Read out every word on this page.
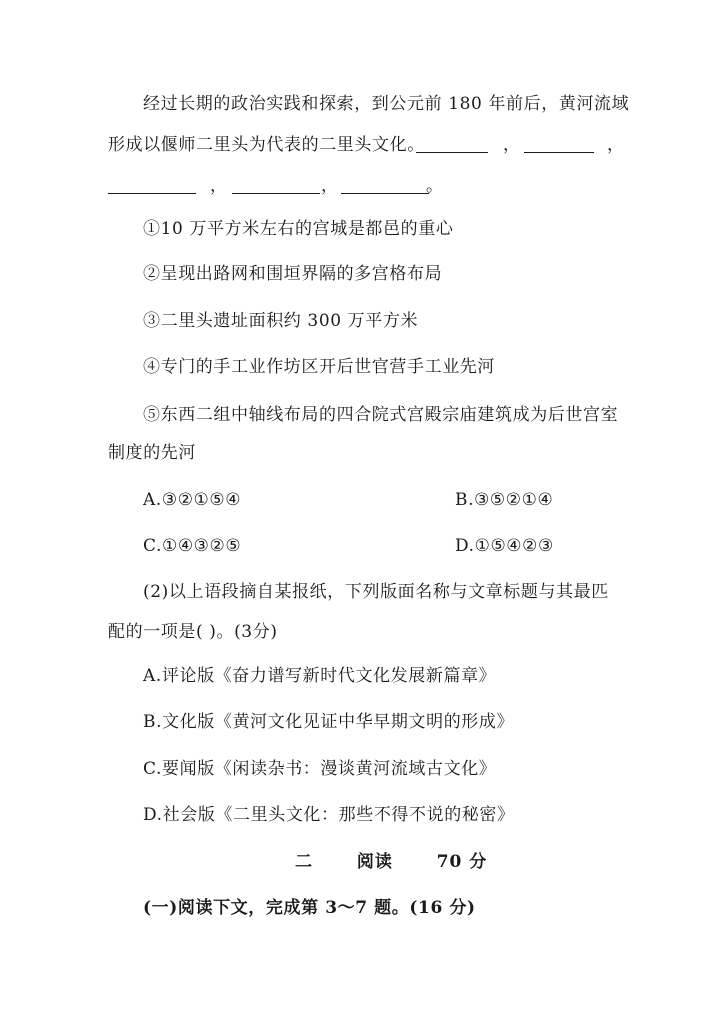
经过长期的政治实践和探索，到公元前 180 年前后，黄河流域
形成以偃师二里头为代表的二里头文化。	，	，
，	，	。
①10 万平方米左右的宫城是都邑的重心
②呈现出路网和围垣界隔的多宫格布局
③二里头遗址面积约 300 万平方米
④专门的手工业作坊区开后世官营手工业先河
⑤东西二组中轴线布局的四合院式宫殿宗庙建筑成为后世宫室
制度的先河
A.③②①⑤④	B.③⑤②①④
C.①④③②⑤	D.①⑤④②③
(2)以上语段摘自某报纸，下列版面名称与文章标题与其最匹
配的一项是( )。(3分)
A.评论版《奋力谱写新时代文化发展新篇章》
B.文化版《黄河文化见证中华早期文明的形成》
C.要闻版《闲读杂书：漫谈黄河流域古文化》
D.社会版《二里头文化：那些不得不说的秘密》
二	阅读	70 分
(一)阅读下文，完成第 3～7 题。(16 分)
